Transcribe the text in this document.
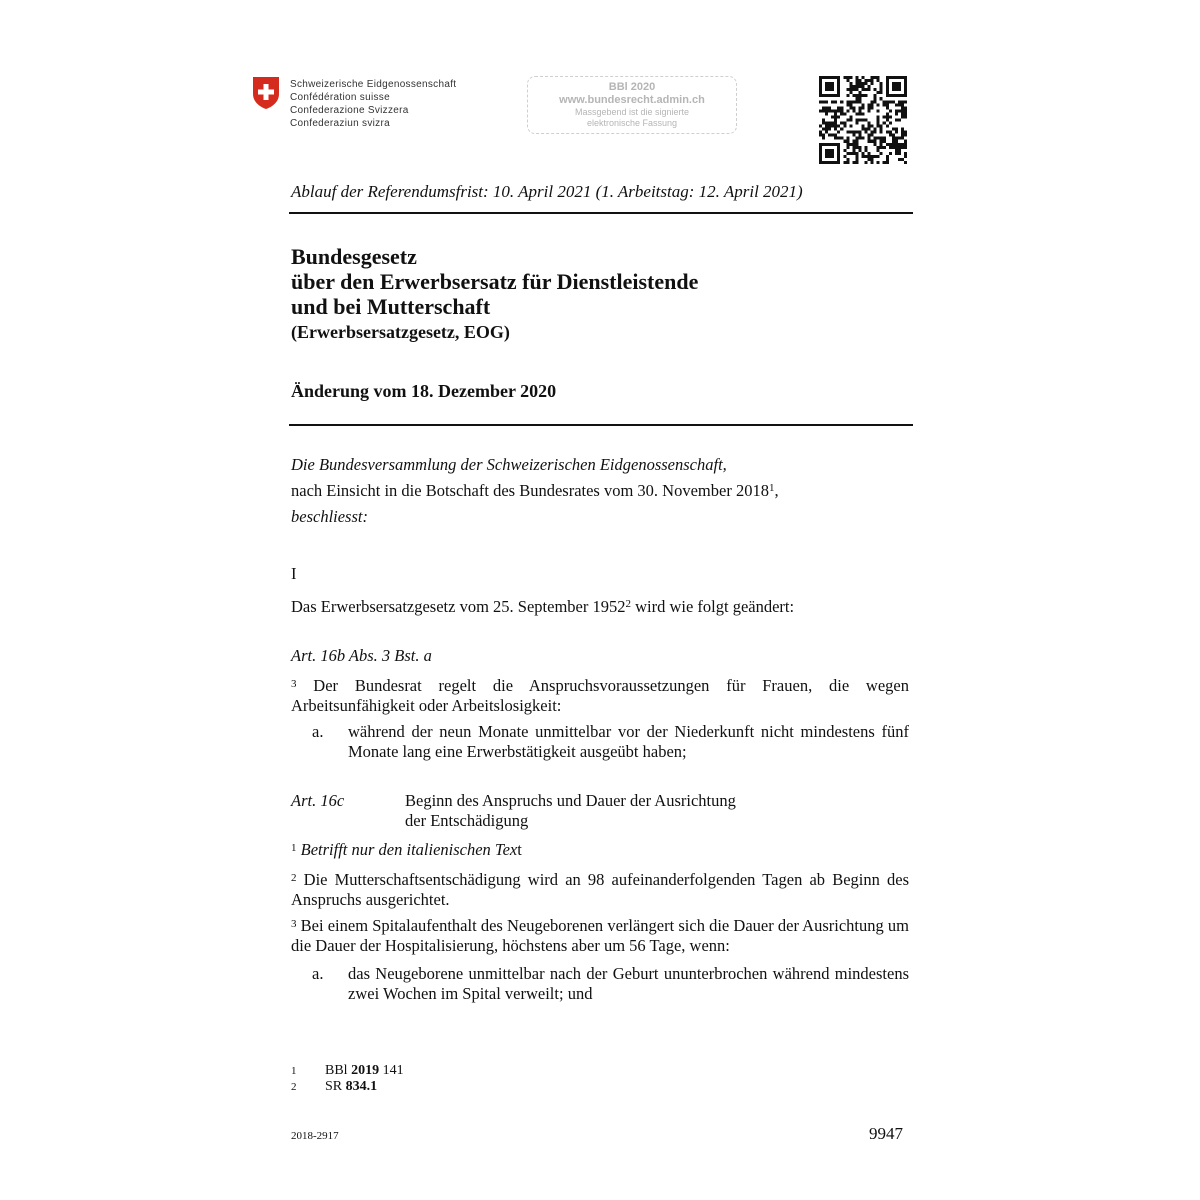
Schweizerische Eidgenossenschaft
Confédération suisse
Confederazione Svizzera
Confederaziun svizra
BBl 2020
www.bundesrecht.admin.ch
Massgebend ist die signierte
elektronische Fassung
Ablauf der Referendumsfrist: 10. April 2021 (1. Arbeitstag: 12. April 2021)
Bundesgesetz
über den Erwerbsersatz für Dienstleistende
und bei Mutterschaft
(Erwerbsersatzgesetz, EOG)
Änderung vom 18. Dezember 2020
Die Bundesversammlung der Schweizerischen Eidgenossenschaft,
nach Einsicht in die Botschaft des Bundesrates vom 30. November 2018$^1$,
beschliesst:
I
Das Erwerbsersatzgesetz vom 25. September 1952$^2$ wird wie folgt geändert:
Art. 16b Abs. 3 Bst. a
$^3$ Der Bundesrat regelt die Anspruchsvoraussetzungen für Frauen, die wegen Arbeitsunfähigkeit oder Arbeitslosigkeit:
a. während der neun Monate unmittelbar vor der Niederkunft nicht mindestens fünf Monate lang eine Erwerbstätigkeit ausgeübt haben;
Art. 16c	Beginn des Anspruchs und Dauer der Ausrichtung
der Entschädigung
$^1$ Betrifft nur den italienischen Text
$^2$ Die Mutterschaftsentschädigung wird an 98 aufeinanderfolgenden Tagen ab Beginn des Anspruchs ausgerichtet.
$^3$ Bei einem Spitalaufenthalt des Neugeborenen verlängert sich die Dauer der Ausrichtung um die Dauer der Hospitalisierung, höchstens aber um 56 Tage, wenn:
a. das Neugeborene unmittelbar nach der Geburt ununterbrochen während mindestens zwei Wochen im Spital verweilt; und
1	BBl 2019 141
2	SR 834.1
2018-2917	9947
